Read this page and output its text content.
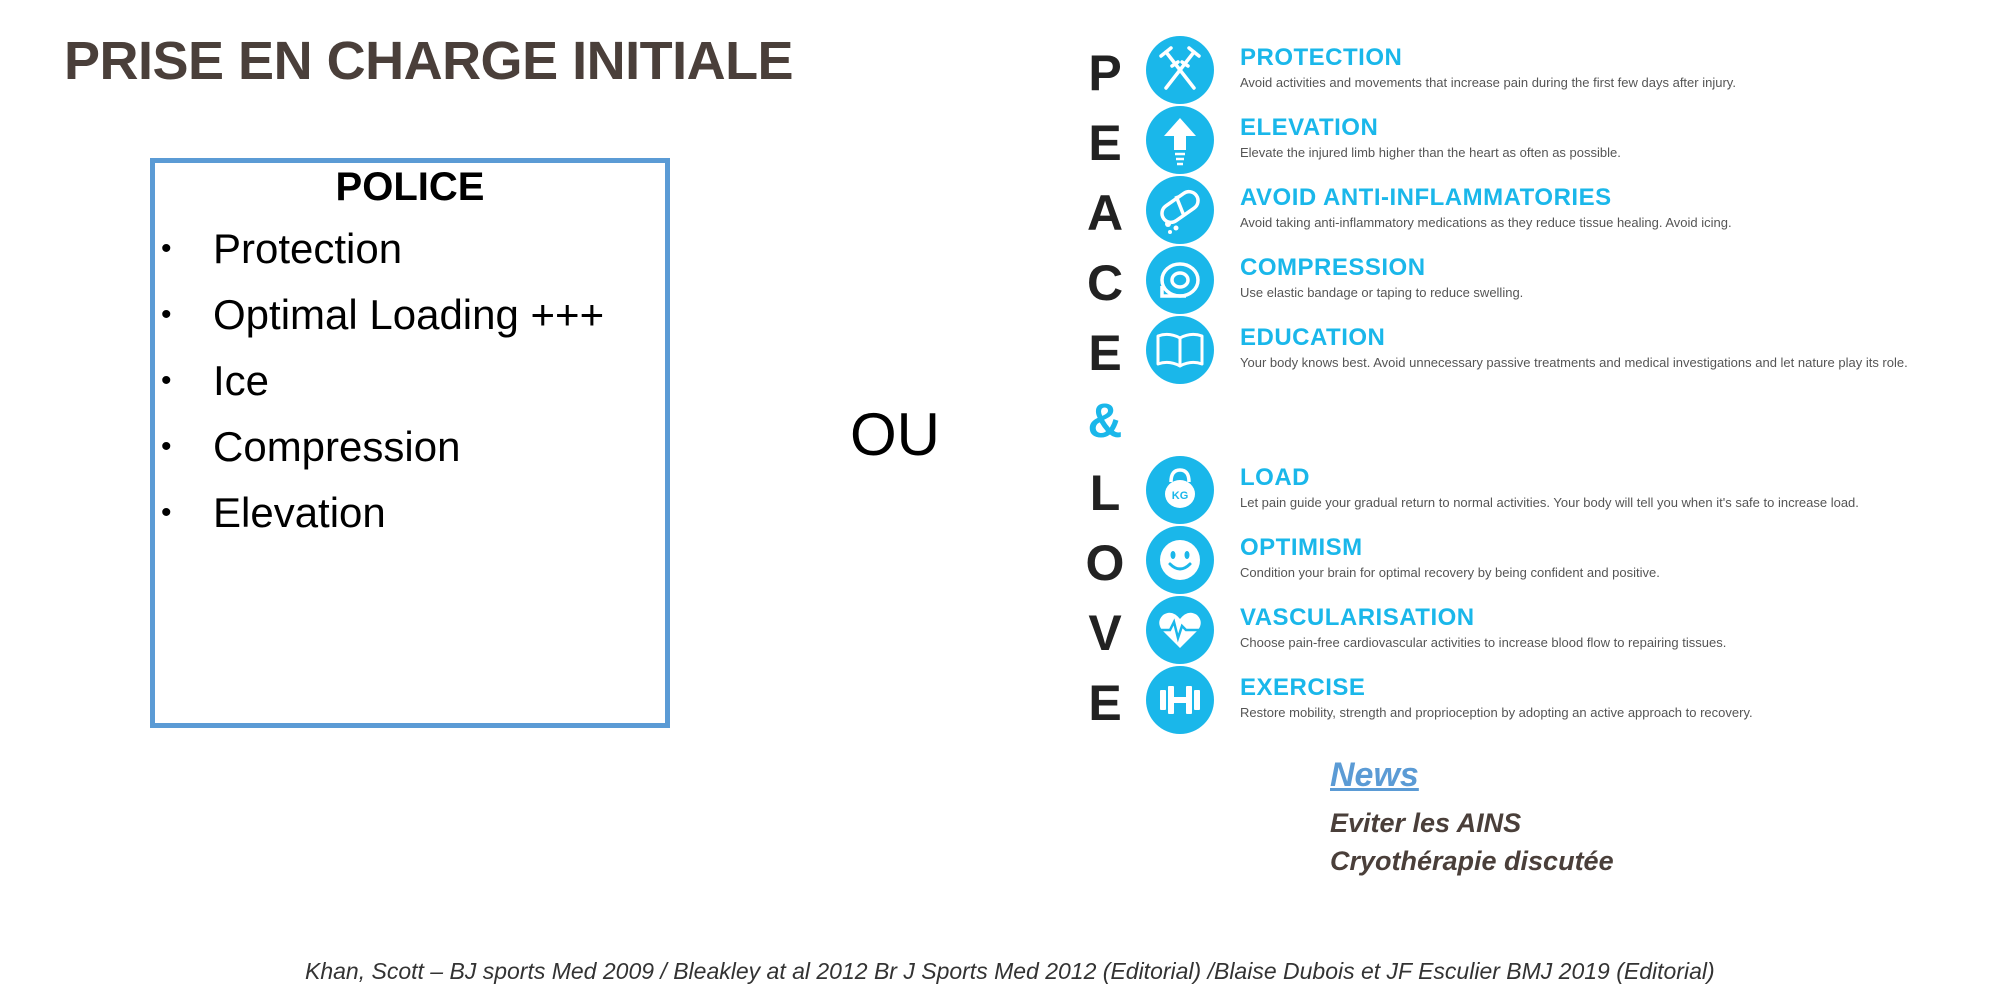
PRISE EN CHARGE INITIALE
POLICE
• Protection
• Optimal Loading +++
• Ice
• Compression
• Elevation
OU
P	PROTECTION
Avoid activities and movements that increase pain during the first few days after injury.
E	ELEVATION
Elevate the injured limb higher than the heart as often as possible.
A	AVOID ANTI-INFLAMMATORIES
Avoid taking anti-inflammatory medications as they reduce tissue healing. Avoid icing.
C	COMPRESSION
Use elastic bandage or taping to reduce swelling.
E	EDUCATION
Your body knows best. Avoid unnecessary passive treatments and medical investigations and let nature play its role.
&
L	KG
LOAD
Let pain guide your gradual return to normal activities. Your body will tell you when it's safe to increase load.
O	OPTIMISM
Condition your brain for optimal recovery by being confident and positive.
V	VASCULARISATION
Choose pain-free cardiovascular activities to increase blood flow to repairing tissues.
E	EXERCISE
Restore mobility, strength and proprioception by adopting an active approach to recovery.
News
Eviter les AINS
Cryothérapie discutée
Khan, Scott – BJ sports Med 2009 / Bleakley at al 2012 Br J Sports Med 2012 (Editorial) /Blaise Dubois et JF Esculier BMJ 2019 (Editorial)
